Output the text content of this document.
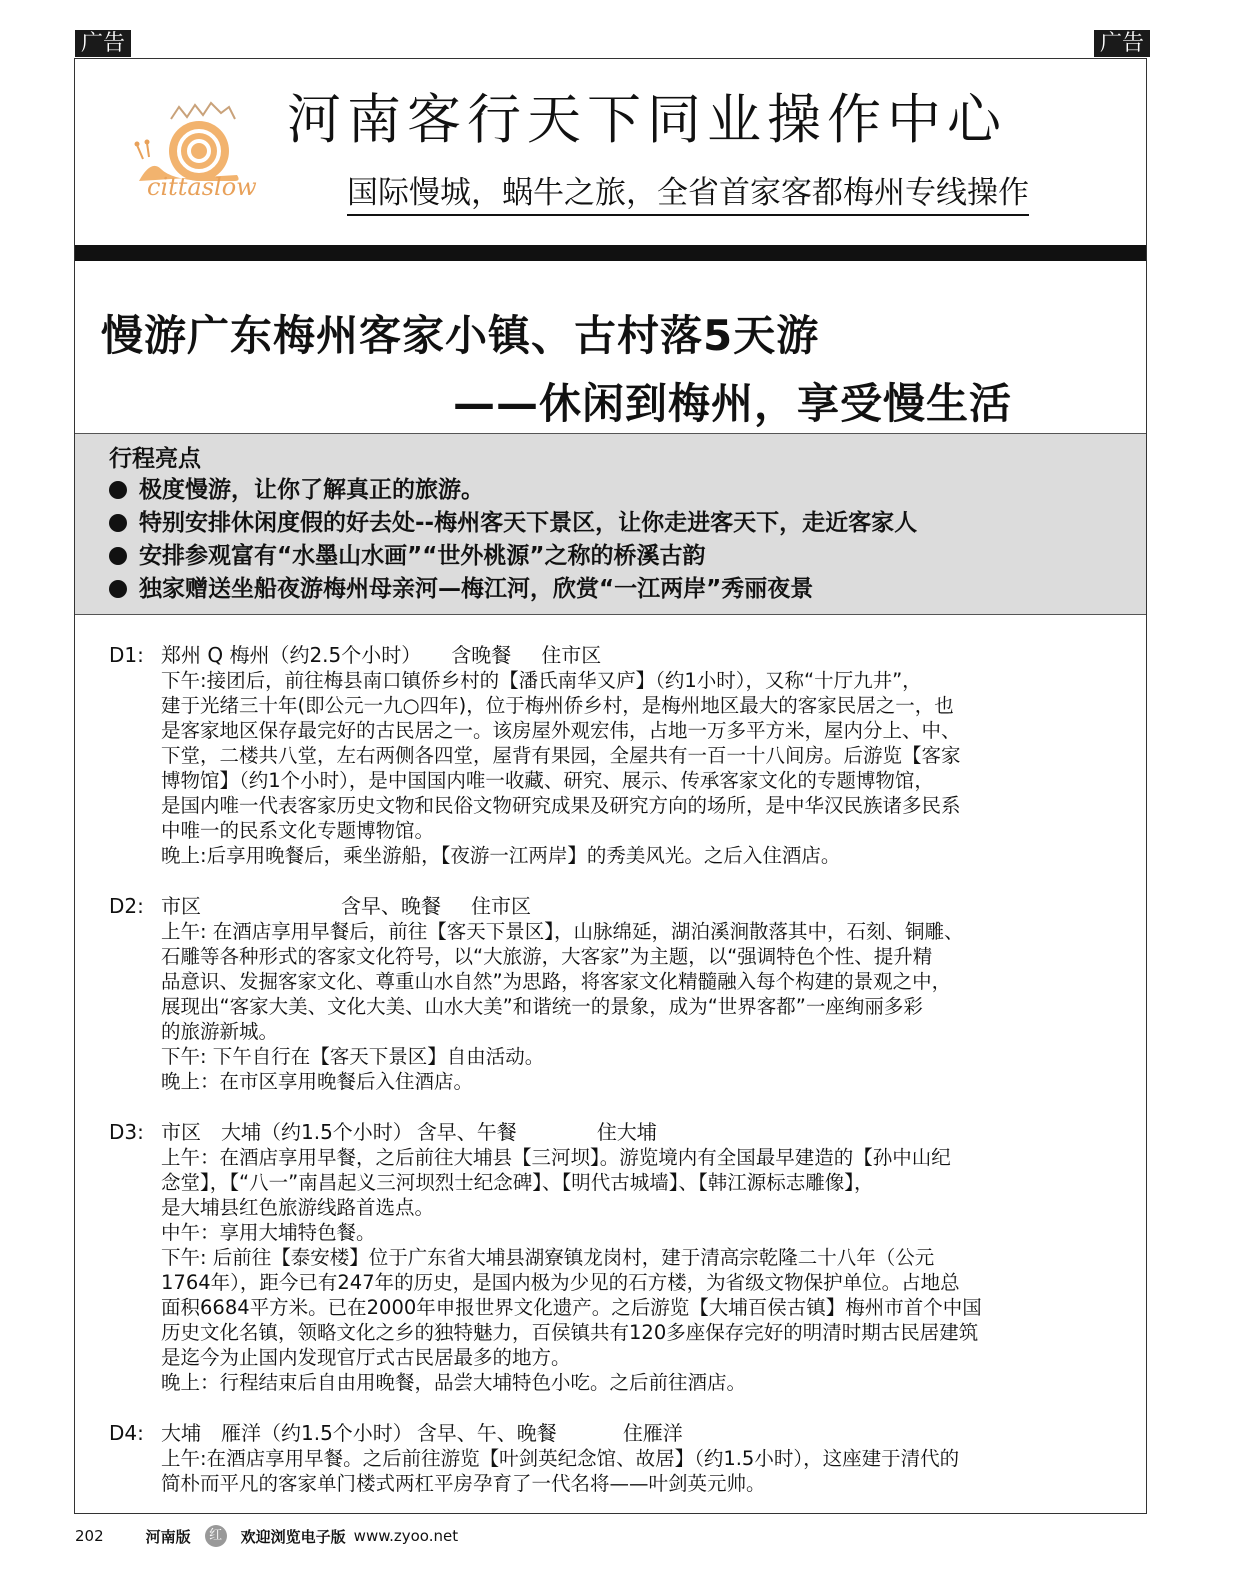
广告	广告
cittaslow
河南客行天下同业操作中心
国际慢城，蜗牛之旅，全省首家客都梅州专线操作
慢游广东梅州客家小镇、古村落5天游
——休闲到梅州，享受慢生活
行程亮点
极度慢游，让你了解真正的旅游。
特别安排休闲度假的好去处--梅州客天下景区，让你走进客天下，走近客家人
安排参观富有“水墨山水画”“世外桃源”之称的桥溪古韵
独家赠送坐船夜游梅州母亲河—梅江河，欣赏“一江两岸”秀丽夜景
D1: 郑州 Q 梅州（约2.5个小时） 含晚餐 住市区
下午:接团后，前往梅县南口镇侨乡村的【潘氏南华又庐】（约1小时），又称“十厅九井”，
建于光绪三十年(即公元一九○四年)，位于梅州侨乡村，是梅州地区最大的客家民居之一，也
是客家地区保存最完好的古民居之一。该房屋外观宏伟，占地一万多平方米，屋内分上、中、
下堂，二楼共八堂，左右两侧各四堂，屋背有果园，全屋共有一百一十八间房。后游览【客家
博物馆】（约1个小时），是中国国内唯一收藏、研究、展示、传承客家文化的专题博物馆，
是国内唯一代表客家历史文物和民俗文物研究成果及研究方向的场所，是中华汉民族诸多民系
中唯一的民系文化专题博物馆。
晚上:后享用晚餐后，乘坐游船，【夜游一江两岸】的秀美风光。之后入住酒店。
D2: 市区	含早、晚餐 住市区
上午: 在酒店享用早餐后，前往【客天下景区】，山脉绵延，湖泊溪涧散落其中，石刻、铜雕、
石雕等各种形式的客家文化符号，以“大旅游，大客家”为主题，以“强调特色个性、提升精
品意识、发掘客家文化、尊重山水自然”为思路，将客家文化精髓融入每个构建的景观之中，
展现出“客家大美、文化大美、山水大美”和谐统一的景象，成为“世界客都”一座绚丽多彩
的旅游新城。
下午: 下午自行在【客天下景区】自由活动。
晚上：在市区享用晚餐后入住酒店。
D3: 市区　大埔（约1.5个小时） 含早、午餐	住大埔
上午：在酒店享用早餐，之后前往大埔县【三河坝】。游览境内有全国最早建造的【孙中山纪
念堂】，【“八一”南昌起义三河坝烈士纪念碑】、【明代古城墙】、【韩江源标志雕像】，
是大埔县红色旅游线路首选点。
中午：享用大埔特色餐。
下午: 后前往【泰安楼】位于广东省大埔县湖寮镇龙岗村，建于清高宗乾隆二十八年（公元
1764年），距今已有247年的历史，是国内极为少见的石方楼，为省级文物保护单位。占地总
面积6684平方米。已在2000年申报世界文化遗产。之后游览【大埔百侯古镇】梅州市首个中国
历史文化名镇，领略文化之乡的独特魅力，百侯镇共有120多座保存完好的明清时期古民居建筑
是迄今为止国内发现官厅式古民居最多的地方。
晚上：行程结束后自由用晚餐，品尝大埔特色小吃。之后前往酒店。
D4: 大埔　雁洋（约1.5个小时） 含早、午、晚餐	住雁洋
上午:在酒店享用早餐。之后前往游览【叶剑英纪念馆、故居】（约1.5小时），这座建于清代的
简朴而平凡的客家单门楼式两杠平房孕育了一代名将——叶剑英元帅。
202	河南版	红	欢迎浏览电子版 www.zyoo.net
